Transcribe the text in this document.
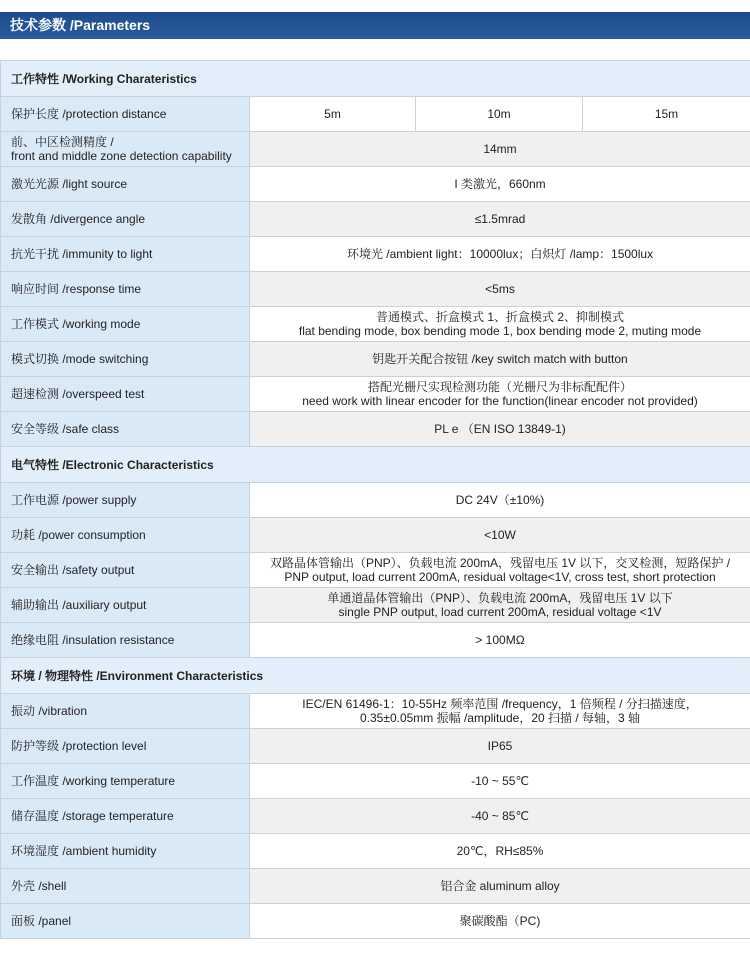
技术参数 /Parameters
工作特性 /Working Charateristics			
保护长度 /protection distance	5m	10m	15m
前、中区检测精度 /
front and middle zone detection capability	14mm		
激光光源 /light source	I 类激光，660nm		
发散角 /divergence angle	≤1.5mrad		
抗光干扰 /immunity to light	环境光 /ambient light：10000lux；白炽灯 /lamp：1500lux		
响应时间 /response time	<5ms		
工作模式 /working mode	普通模式、折盒模式 1、折盒模式 2、抑制模式
flat bending mode, box bending mode 1, box bending mode 2, muting mode		
模式切换 /mode switching	钥匙开关配合按钮 /key switch match with button		
超速检测 /overspeed test	搭配光栅尺实现检测功能（光栅尺为非标配配件）
need work with linear encoder for the function(linear encoder not provided)		
安全等级 /safe class	PL e （EN ISO 13849-1)		
电气特性 /Electronic Characteristics			
工作电源 /power supply	DC 24V（±10%)		
功耗 /power consumption	<10W		
安全输出 /safety output	双路晶体管输出（PNP）、负载电流 200mA，残留电压 1V 以下，交叉检测，短路保护 /
PNP output, load current 200mA, residual voltage<1V, cross test, short protection		
辅助输出 /auxiliary output	单通道晶体管输出（PNP）、负载电流 200mA，残留电压 1V 以下
single PNP output, load current 200mA, residual voltage <1V		
绝缘电阻 /insulation resistance	> 100MΩ		
环境 / 物理特性 /Environment Characteristics			
振动 /vibration	IEC/EN 61496-1：10-55Hz 频率范围 /frequency，1 倍频程 / 分扫描速度，
0.35±0.05mm 振幅 /amplitude，20 扫描 / 每轴，3 轴		
防护等级 /protection level	IP65		
工作温度 /working temperature	-10 ~ 55℃		
储存温度 /storage temperature	-40 ~ 85℃		
环境湿度 /ambient humidity	20℃，RH≤85%		
外壳 /shell	铝合金 aluminum alloy		
面板 /panel	聚碳酸酯（PC)		
